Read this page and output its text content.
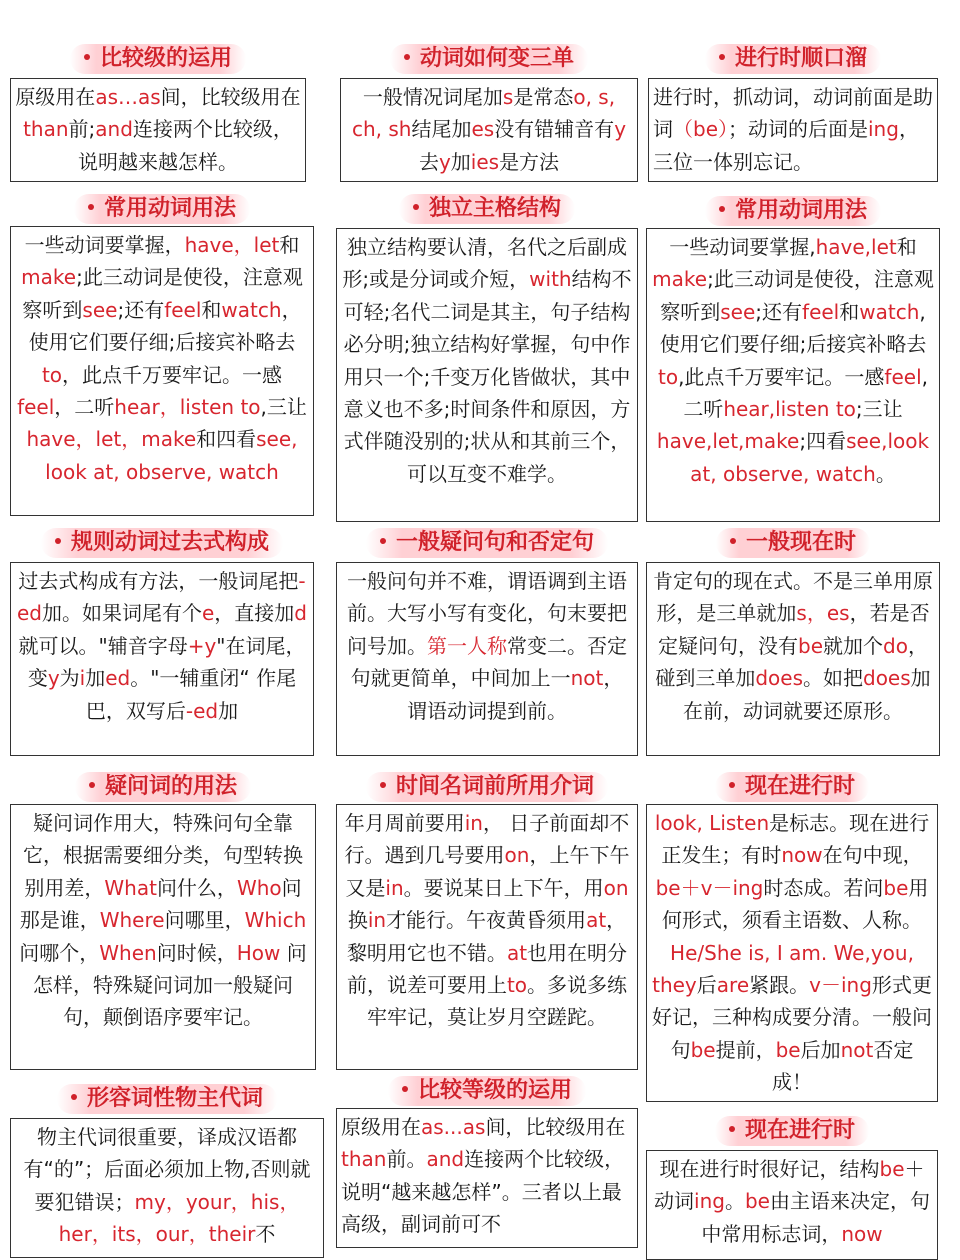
比较级的运用
原级用在as…as间，比较级用在than前;and连接两个比较级，说明越来越怎样。
动词如何变三单
一般情况词尾加s是常态o, s, ch, sh结尾加es没有错辅音有y去y加ies是方法
进行时顺口溜
进行时，抓动词，动词前面是助词（be）；动词的后面是ing，三位一体别忘记。
常用动词用法
一些动词要掌握，have，let和make;此三动词是使役，注意观察听到see;还有feel和watch，使用它们要仔细;后接宾补略去to，此点千万要牢记。一感feel，二听hear，listen to,三让have，let，make和四看see, look at, observe, watch
独立主格结构
独立结构要认清，名代之后副成形;或是分词或介短，with结构不可轻;名代二词是其主，句子结构必分明;独立结构好掌握，句中作用只一个;千变万化皆做状，其中意义也不多;时间条件和原因，方式伴随没别的;状从和其前三个，可以互变不难学。
常用动词用法
一些动词要掌握,have,let和make;此三动词是使役，注意观察听到see;还有feel和watch,使用它们要仔细;后接宾补略去to,此点千万要牢记。一感feel,二听hear,listen to;三让have,let,make;四看see,look at, observe, watch。
规则动词过去式构成
过去式构成有方法，一般词尾把-ed加。如果词尾有个e，直接加d就可以。"辅音字母+y"在词尾，变y为i加ed。"一辅重闭“ 作尾巴，双写后-ed加
一般疑问句和否定句
一般问句并不难，谓语调到主语前。大写小写有变化，句末要把问号加。第一人称常变二。否定句就更简单，中间加上一not，谓语动词提到前。
一般现在时
肯定句的现在式。不是三单用原形，是三单就加s，es，若是否定疑问句，没有be就加个do，碰到三单加does。如把does加在前，动词就要还原形。
疑问词的用法
疑问词作用大，特殊问句全靠它，根据需要细分类，句型转换别用差，What问什么，Who问那是谁，Where问哪里，Which问哪个，When问时候，How 问怎样，特殊疑问词加一般疑问句，颠倒语序要牢记。
时间名词前所用介词
年月周前要用in， 日子前面却不行。遇到几号要用on，上午下午又是in。要说某日上下午，用on换in才能行。午夜黄昏须用at， 黎明用它也不错。at也用在明分前，说差可要用上to。多说多练牢牢记，莫让岁月空蹉跎。
现在进行时
look, Listen是标志。现在进行正发生；有时now在句中现，be＋v－ing时态成。若问be用何形式，须看主语数、人称。He/She is, I am. We,you, they后are紧跟。v－ing形式更好记，三种构成要分清。一般问句be提前，be后加not否定成！
形容词性物主代词
物主代词很重要，译成汉语都有“的”；后面必须加上物,否则就要犯错误；my，your，his，her，its，our，their不
比较等级的运用
原级用在as...as间，比较级用在than前。and连接两个比较级，说明“越来越怎样”。三者以上最高级，副词前可不
现在进行时
现在进行时很好记，结构be＋动词ing。be由主语来决定，句中常用标志词，now
